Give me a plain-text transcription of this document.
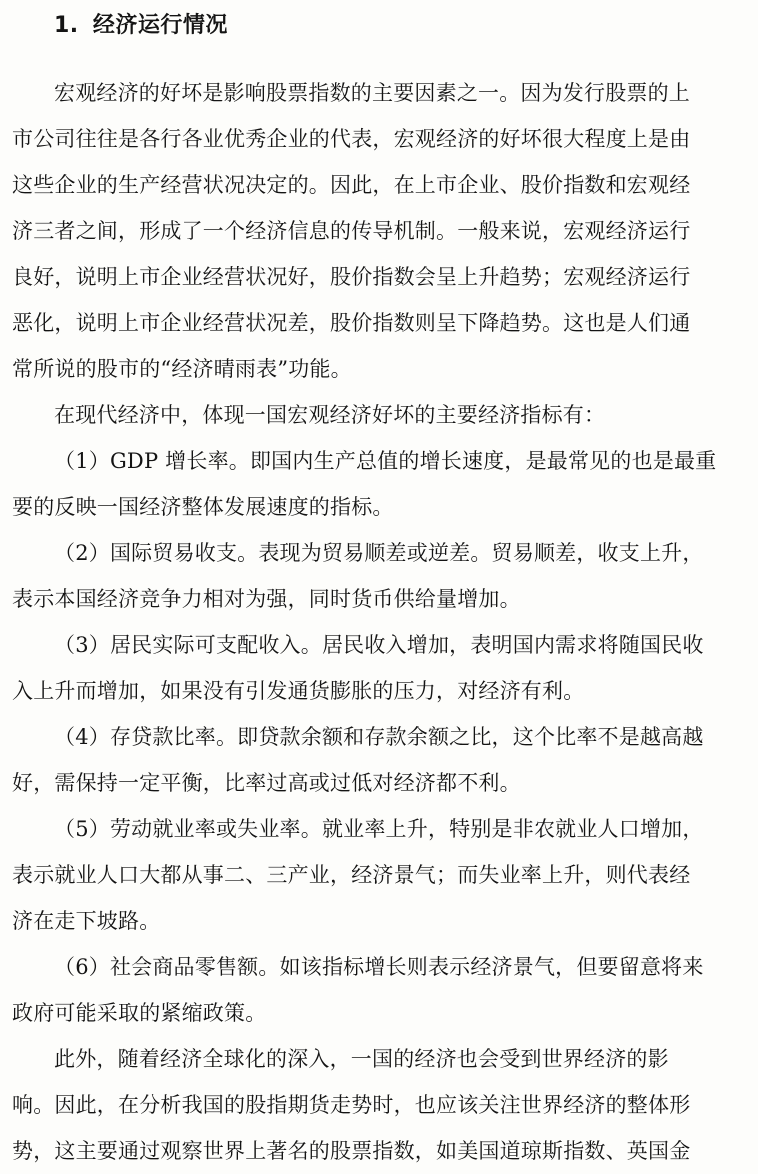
1. 经济运行情况
宏观经济的好坏是影响股票指数的主要因素之一。因为发行股票的上
市公司往往是各行各业优秀企业的代表，宏观经济的好坏很大程度上是由
这些企业的生产经营状况决定的。因此，在上市企业、股价指数和宏观经
济三者之间，形成了一个经济信息的传导机制。一般来说，宏观经济运行
良好，说明上市企业经营状况好，股价指数会呈上升趋势；宏观经济运行
恶化，说明上市企业经营状况差，股价指数则呈下降趋势。这也是人们通
常所说的股市的“经济晴雨表”功能。
在现代经济中，体现一国宏观经济好坏的主要经济指标有：
（1）GDP 增长率。即国内生产总值的增长速度，是最常见的也是最重
要的反映一国经济整体发展速度的指标。
（2）国际贸易收支。表现为贸易顺差或逆差。贸易顺差，收支上升，
表示本国经济竞争力相对为强，同时货币供给量增加。
（3）居民实际可支配收入。居民收入增加，表明国内需求将随国民收
入上升而增加，如果没有引发通货膨胀的压力，对经济有利。
（4）存贷款比率。即贷款余额和存款余额之比，这个比率不是越高越
好，需保持一定平衡，比率过高或过低对经济都不利。
（5）劳动就业率或失业率。就业率上升，特别是非农就业人口增加，
表示就业人口大都从事二、三产业，经济景气；而失业率上升，则代表经
济在走下坡路。
（6）社会商品零售额。如该指标增长则表示经济景气，但要留意将来
政府可能采取的紧缩政策。
此外，随着经济全球化的深入，一国的经济也会受到世界经济的影
响。因此，在分析我国的股指期货走势时，也应该关注世界经济的整体形
势，这主要通过观察世界上著名的股票指数，如美国道琼斯指数、英国金
